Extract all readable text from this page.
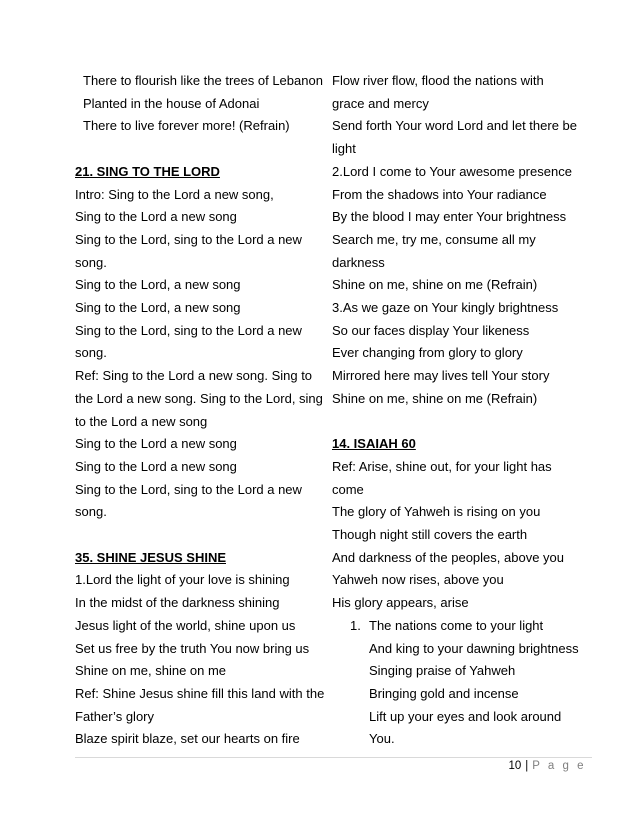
There to flourish like the trees of Lebanon
Planted in the house of Adonai
There to live forever more! (Refrain)
21. SING TO THE LORD
Intro: Sing to the Lord a new song,
Sing to the Lord a new song
Sing to the Lord, sing to the Lord a new
song.
Sing to the Lord, a new song
Sing to the Lord, a new song
Sing to the Lord, sing to the Lord a new
song.
Ref: Sing to the Lord a new song. Sing to
the Lord a new song. Sing to the Lord, sing
to the Lord a new song
Sing to the Lord a new song
Sing to the Lord a new song
Sing to the Lord, sing to the Lord a new
song.
35. SHINE JESUS SHINE
1.Lord the light of your love is shining
In the midst of the darkness shining
Jesus light of the world, shine upon us
Set us free by the truth You now bring us
Shine on me, shine on me
Ref: Shine Jesus shine fill this land with the
Father’s glory
Blaze spirit blaze, set our hearts on fire
Flow river flow, flood the nations with
grace and mercy
Send forth Your word Lord and let there be
light
2.Lord I come to Your awesome presence
From the shadows into Your radiance
By the blood I may enter Your brightness
Search me, try me, consume all my
darkness
Shine on me, shine on me (Refrain)
3.As we gaze on Your kingly brightness
So our faces display Your likeness
Ever changing from glory to glory
Mirrored here may lives tell Your story
Shine on me, shine on me (Refrain)
14. ISAIAH 60
Ref: Arise, shine out, for your light has
come
The glory of Yahweh is rising on you
Though night still covers the earth
And darkness of the peoples, above you
Yahweh now rises, above you
His glory appears, arise
1. The nations come to your light
And king to your dawning brightness
Singing praise of Yahweh
Bringing gold and incense
Lift up your eyes and look around
You.
10 | P a g e
